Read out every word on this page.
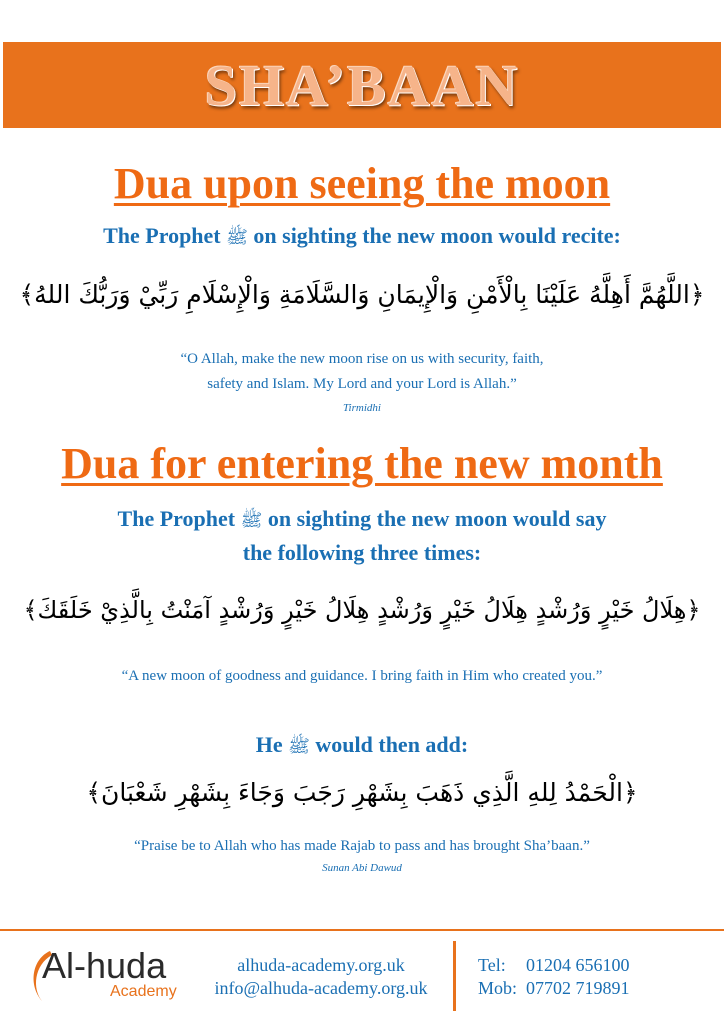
SHA’BAAN
Dua upon seeing the moon
The Prophet ﷺ on sighting the new moon would recite:
﴿اللَّهُمَّ أَهِلَّهُ عَلَيْنَا بِالْأَمْنِ وَالْإِيمَانِ وَالسَّلَامَةِ وَالْإِسْلَامِ رَبِّيْ وَرَبُّكَ اللهُ﴾
“O Allah, make the new moon rise on us with security, faith,
safety and Islam. My Lord and your Lord is Allah.”
Tirmidhi
Dua for entering the new month
The Prophet ﷺ on sighting the new moon would say
the following three times:
﴿هِلَالُ خَيْرٍ وَرُشْدٍ هِلَالُ خَيْرٍ وَرُشْدٍ هِلَالُ خَيْرٍ وَرُشْدٍ آمَنْتُ بِالَّذِيْ خَلَقَكَ﴾
“A new moon of goodness and guidance. I bring faith in Him who created you.”
He ﷺ would then add:
﴿الْحَمْدُ لِلهِ الَّذِي ذَهَبَ بِشَهْرِ رَجَبَ وَجَاءَ بِشَهْرِ شَعْبَانَ﴾
“Praise be to Allah who has made Rajab to pass and has brought Sha’baan.”
Sunan Abi Dawud
Al-huda
Academy
alhuda-academy.org.uk
info@alhuda-academy.org.uk
Tel: 01204 656100
Mob: 07702 719891
